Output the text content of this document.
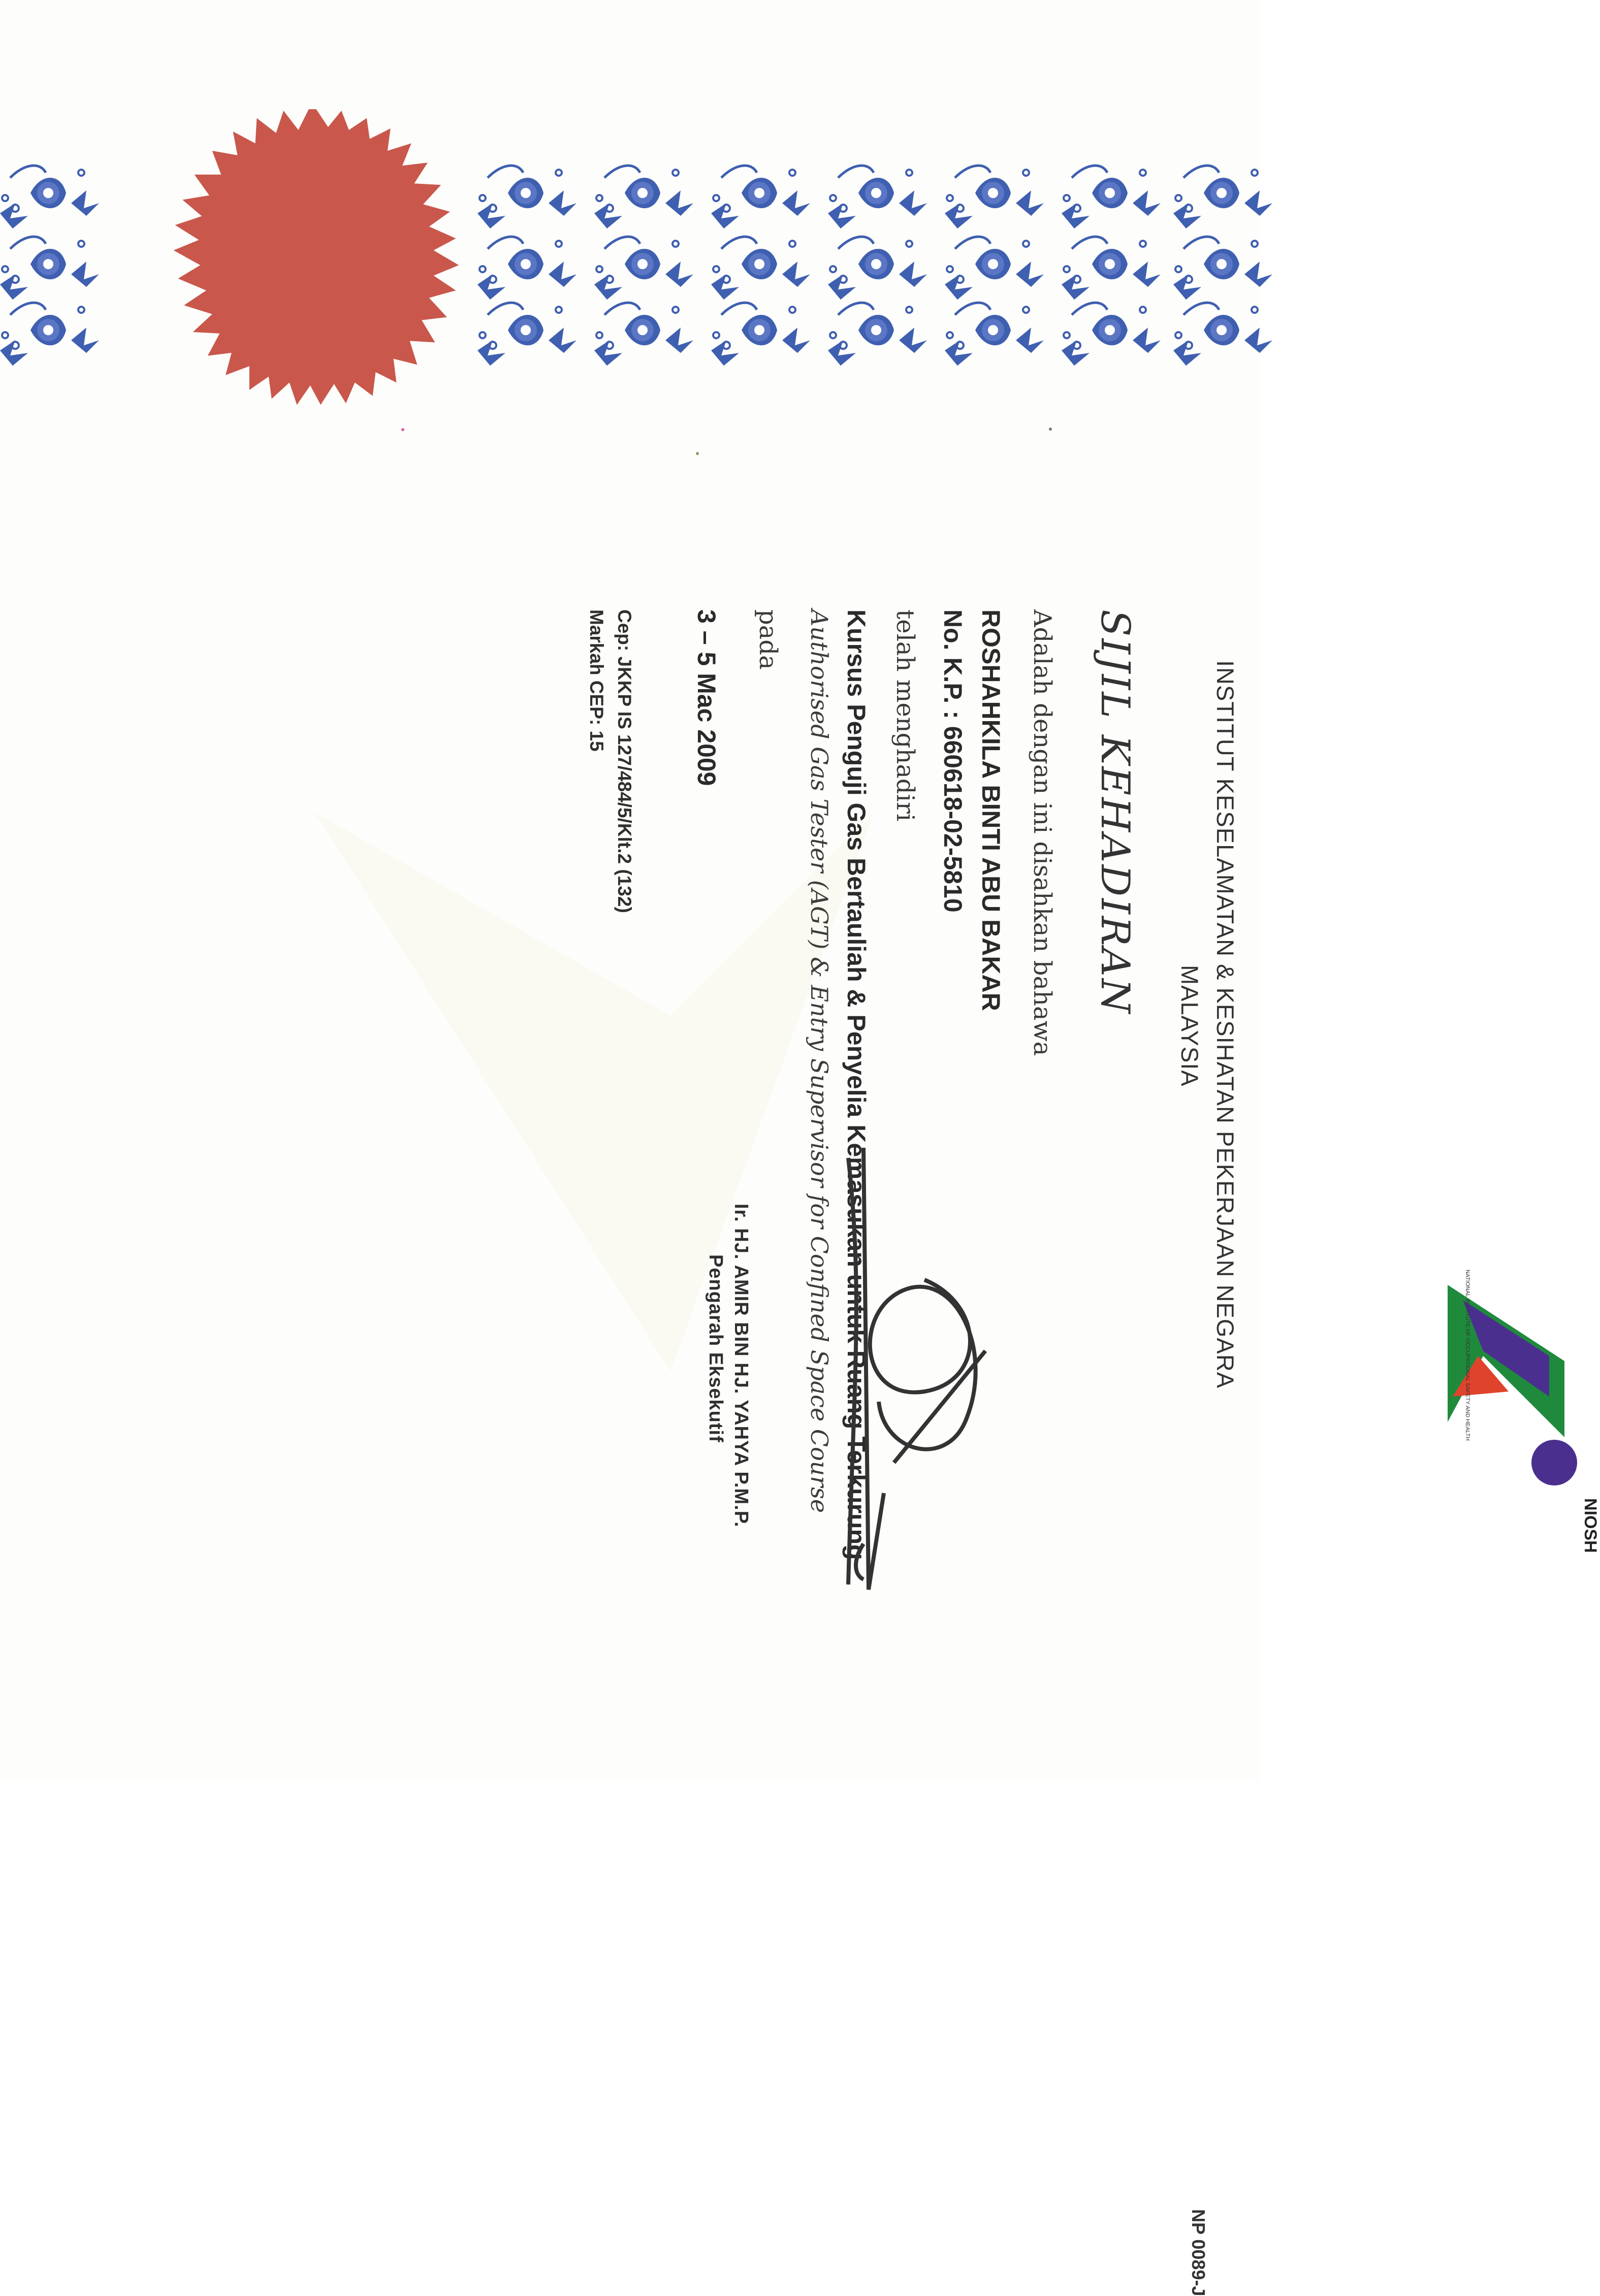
NIOSH
NATIONAL INSTITUTE OF OCCUPATIONAL SAFETY AND HEALTH
INSTITUT KESELAMATAN & KESIHATAN PEKERJAAN NEGARA
MALAYSIA
SIJIL KEHADIRAN
Adalah dengan ini disahkan bahawa
ROSHAHKILA BINTI ABU BAKAR
No. K.P. : 660618-02-5810
telah menghadiri
Kursus Penguji Gas Bertauliah & Penyelia Kemasukan untuk Ruang Terkurung
Authorised Gas Tester (AGT) & Entry Supervisor for Confined Space Course
pada
3 – 5 Mac 2009
Cep: JKKP IS 127/484/5/Klt.2 (132)
Markah CEP: 15
Ir. HJ. AMIR BIN HJ. YAHYA P.M.P.
Pengarah Eksekutif
NP 0089-J
